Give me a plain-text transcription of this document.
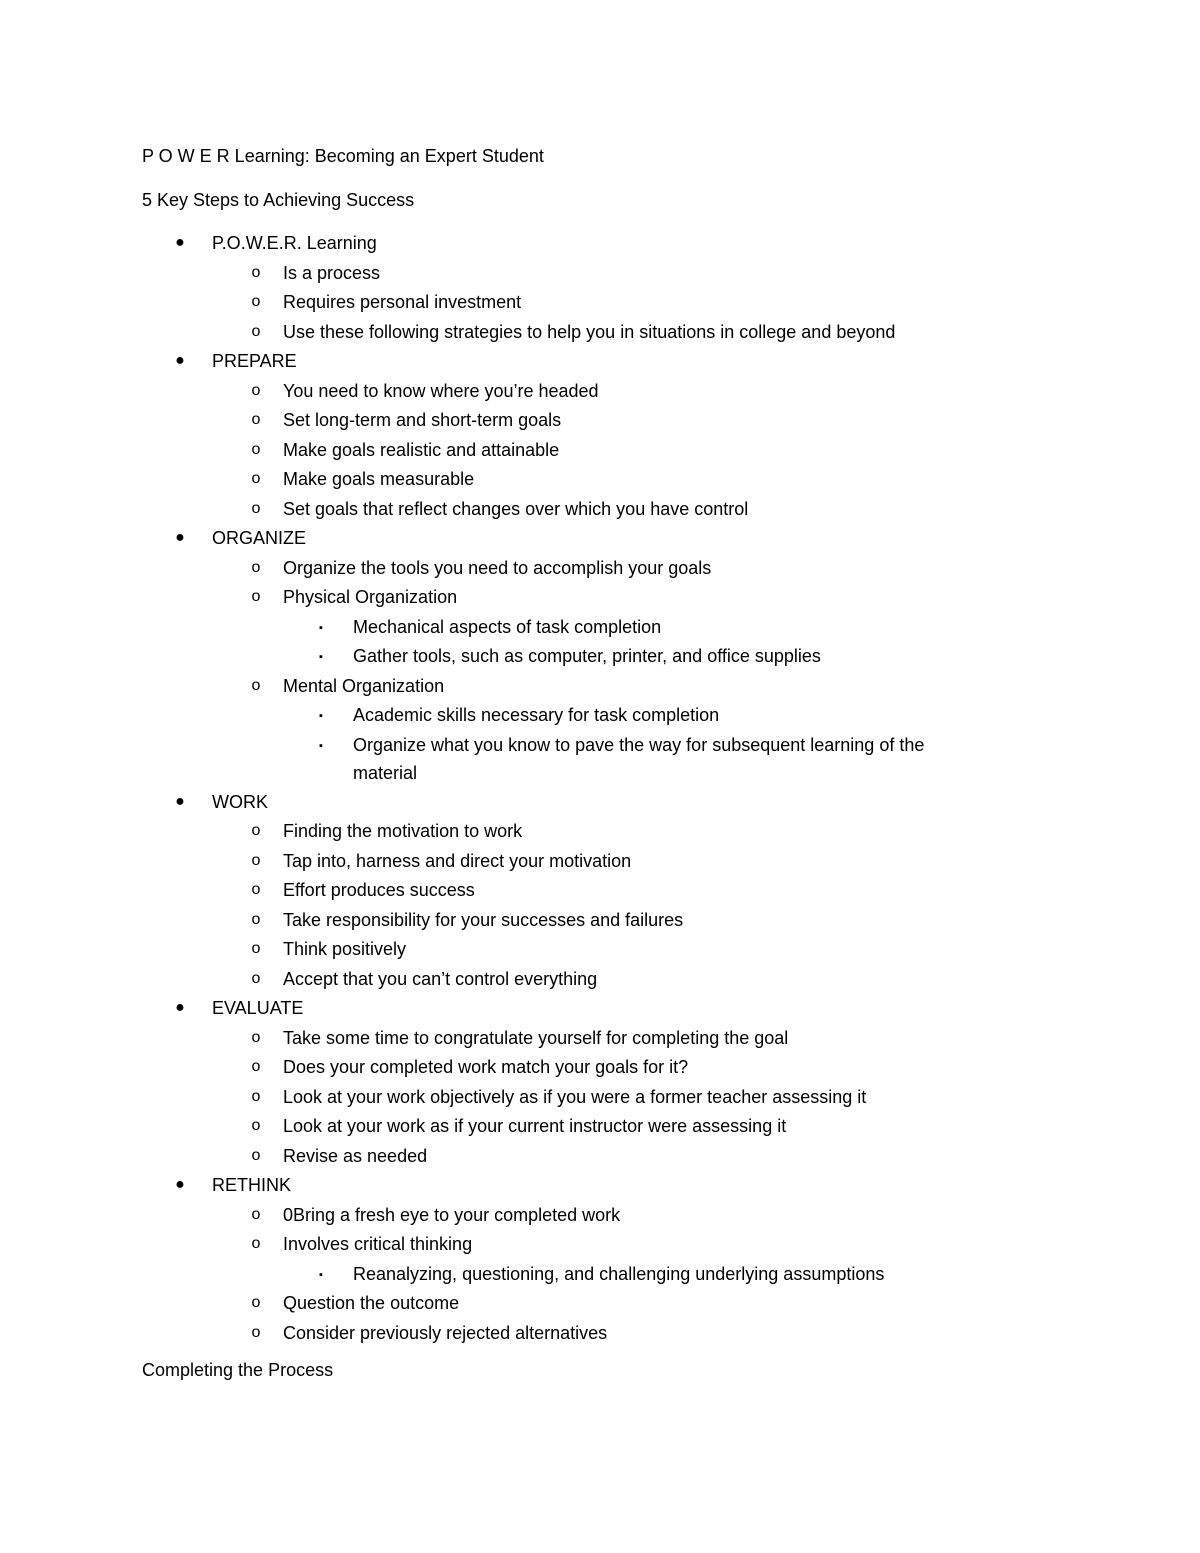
P O W E R Learning: Becoming an Expert Student
5 Key Steps to Achieving Success
● P.O.W.E.R. Learning
o Is a process
o Requires personal investment
o Use these following strategies to help you in situations in college and beyond
● PREPARE
o You need to know where you’re headed
o Set long-term and short-term goals
o Make goals realistic and attainable
o Make goals measurable
o Set goals that reflect changes over which you have control
● ORGANIZE
o Organize the tools you need to accomplish your goals
o Physical Organization
▪ Mechanical aspects of task completion
▪ Gather tools, such as computer, printer, and office supplies
o Mental Organization
▪ Academic skills necessary for task completion
▪ Organize what you know to pave the way for subsequent learning of the material
● WORK
o Finding the motivation to work
o Tap into, harness and direct your motivation
o Effort produces success
o Take responsibility for your successes and failures
o Think positively
o Accept that you can’t control everything
● EVALUATE
o Take some time to congratulate yourself for completing the goal
o Does your completed work match your goals for it?
o Look at your work objectively as if you were a former teacher assessing it
o Look at your work as if your current instructor were assessing it
o Revise as needed
● RETHINK
o 0Bring a fresh eye to your completed work
o Involves critical thinking
▪ Reanalyzing, questioning, and challenging underlying assumptions
o Question the outcome
o Consider previously rejected alternatives
Completing the Process
